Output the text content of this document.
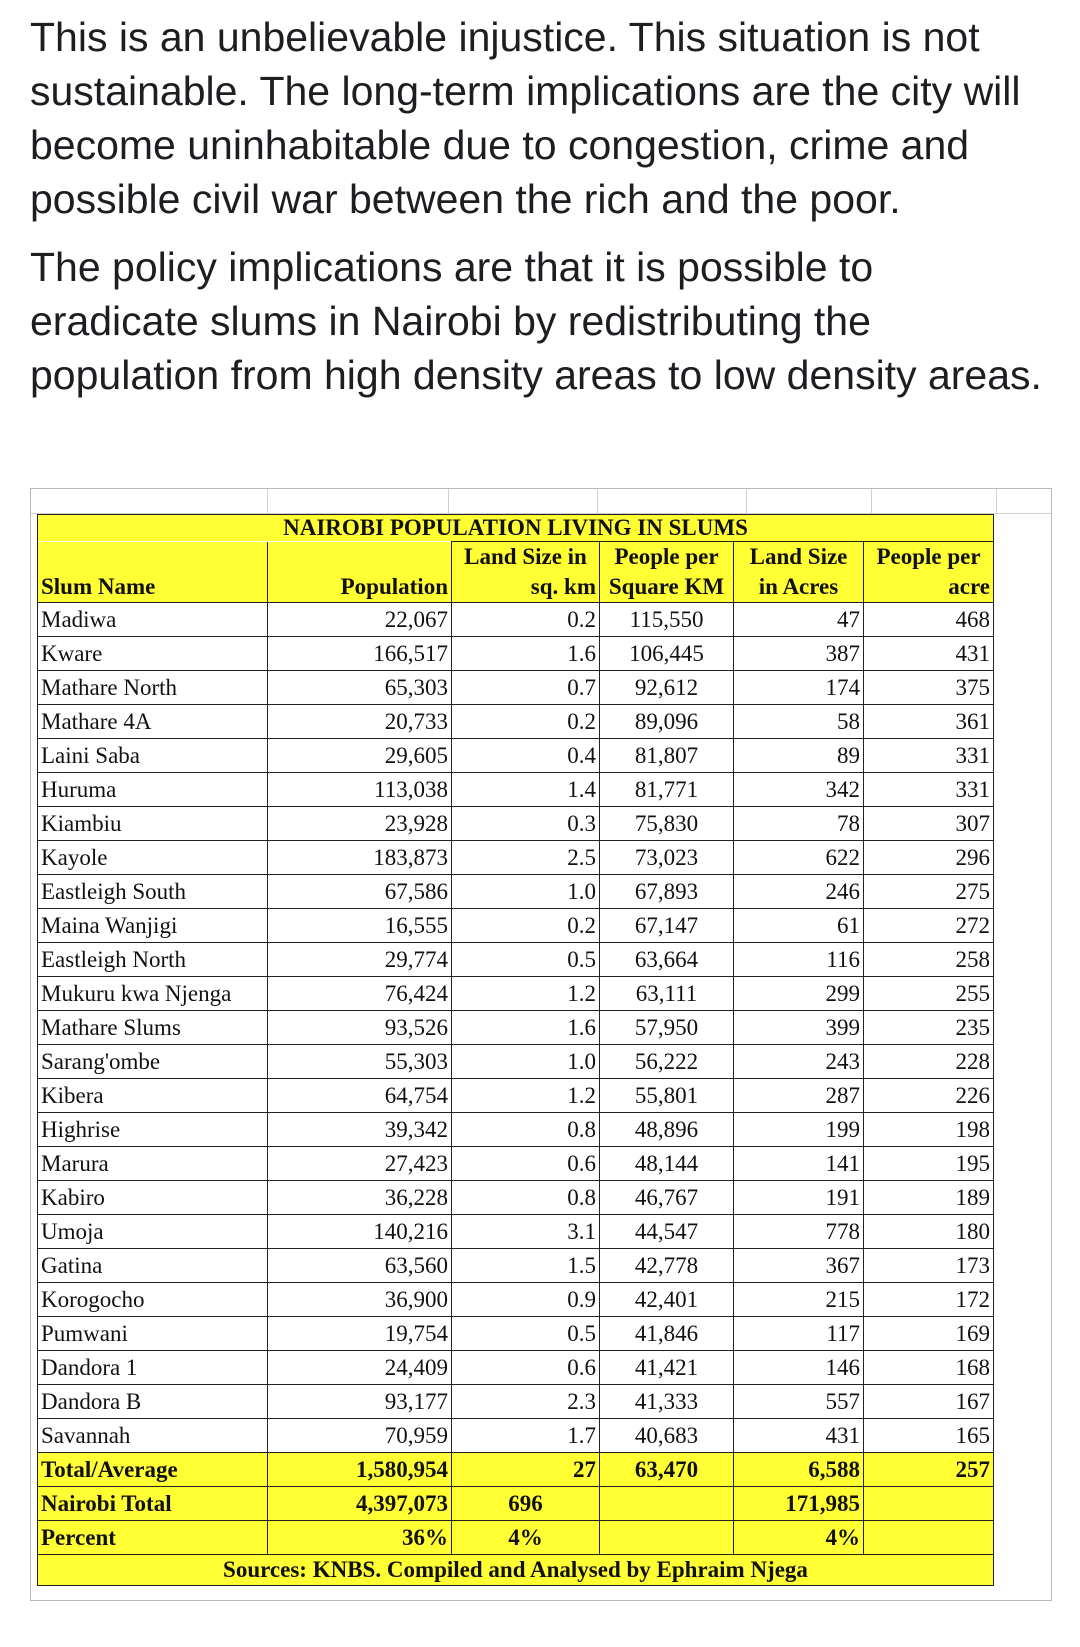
This is an unbelievable injustice. This situation is not sustainable. The long-term implications are the city will become uninhabitable due to congestion, crime and possible civil war between the rich and the poor.

The policy implications are that it is possible to eradicate slums in Nairobi by redistributing the population from high density areas to low density areas.

NAIROBI POPULATION LIVING IN SLUMS					
		Land Size in	People per	Land Size	People per
Slum Name	Population	sq. km	Square KM	in Acres	acre
Madiwa	22,067	0.2	115,550	47	468
Kware	166,517	1.6	106,445	387	431
Mathare North	65,303	0.7	92,612	174	375
Mathare 4A	20,733	0.2	89,096	58	361
Laini Saba	29,605	0.4	81,807	89	331
Huruma	113,038	1.4	81,771	342	331
Kiambiu	23,928	0.3	75,830	78	307
Kayole	183,873	2.5	73,023	622	296
Eastleigh South	67,586	1.0	67,893	246	275
Maina Wanjigi	16,555	0.2	67,147	61	272
Eastleigh North	29,774	0.5	63,664	116	258
Mukuru kwa Njenga	76,424	1.2	63,111	299	255
Mathare Slums	93,526	1.6	57,950	399	235
Sarang'ombe	55,303	1.0	56,222	243	228
Kibera	64,754	1.2	55,801	287	226
Highrise	39,342	0.8	48,896	199	198
Marura	27,423	0.6	48,144	141	195
Kabiro	36,228	0.8	46,767	191	189
Umoja	140,216	3.1	44,547	778	180
Gatina	63,560	1.5	42,778	367	173
Korogocho	36,900	0.9	42,401	215	172
Pumwani	19,754	0.5	41,846	117	169
Dandora 1	24,409	0.6	41,421	146	168
Dandora B	93,177	2.3	41,333	557	167
Savannah	70,959	1.7	40,683	431	165
Total/Average	1,580,954	27	63,470	6,588	257
Nairobi Total	4,397,073	696		171,985	
Percent	36%	4%		4%	
Sources: KNBS. Compiled and Analysed by Ephraim Njega					
